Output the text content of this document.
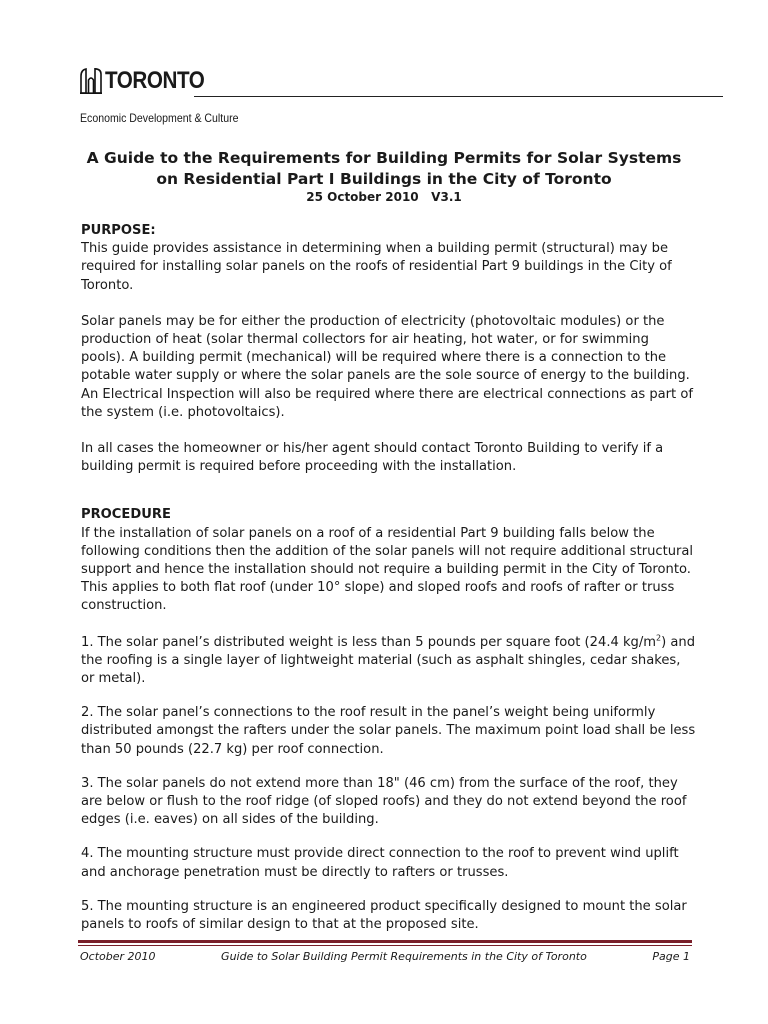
TORONTO
Economic Development & Culture
A Guide to the Requirements for Building Permits for Solar Systems
on Residential Part I Buildings in the City of Toronto
25 October 2010   V3.1

PURPOSE:

This guide provides assistance in determining when a building permit (structural) may be required for installing solar panels on the roofs of residential Part 9 buildings in the City of Toronto.

Solar panels may be for either the production of electricity (photovoltaic modules) or the production of heat (solar thermal collectors for air heating, hot water, or for swimming pools). A building permit (mechanical) will be required where there is a connection to the potable water supply or where the solar panels are the sole source of energy to the building. An Electrical Inspection will also be required where there are electrical connections as part of the system (i.e. photovoltaics).

In all cases the homeowner or his/her agent should contact Toronto Building to verify if a building permit is required before proceeding with the installation.

PROCEDURE

If the installation of solar panels on a roof of a residential Part 9 building falls below the following conditions then the addition of the solar panels will not require additional structural support and hence the installation should not require a building permit in the City of Toronto. This applies to both flat roof (under 10° slope) and sloped roofs and roofs of rafter or truss construction.

1. The solar panel’s distributed weight is less than 5 pounds per square foot (24.4 $kg/m^2$) and the roofing is a single layer of lightweight material (such as asphalt shingles, cedar shakes, or metal).

2. The solar panel’s connections to the roof result in the panel’s weight being uniformly distributed amongst the rafters under the solar panels. The maximum point load shall be less than 50 pounds (22.7 kg) per roof connection.

3. The solar panels do not extend more than 18" (46 cm) from the surface of the roof, they are below or flush to the roof ridge (of sloped roofs) and they do not extend beyond the roof edges (i.e. eaves) on all sides of the building.

4. The mounting structure must provide direct connection to the roof to prevent wind uplift and anchorage penetration must be directly to rafters or trusses.

5. The mounting structure is an engineered product specifically designed to mount the solar panels to roofs of similar design to that at the proposed site.

October 2010	Guide to Solar Building Permit Requirements in the City of Toronto	Page 1
